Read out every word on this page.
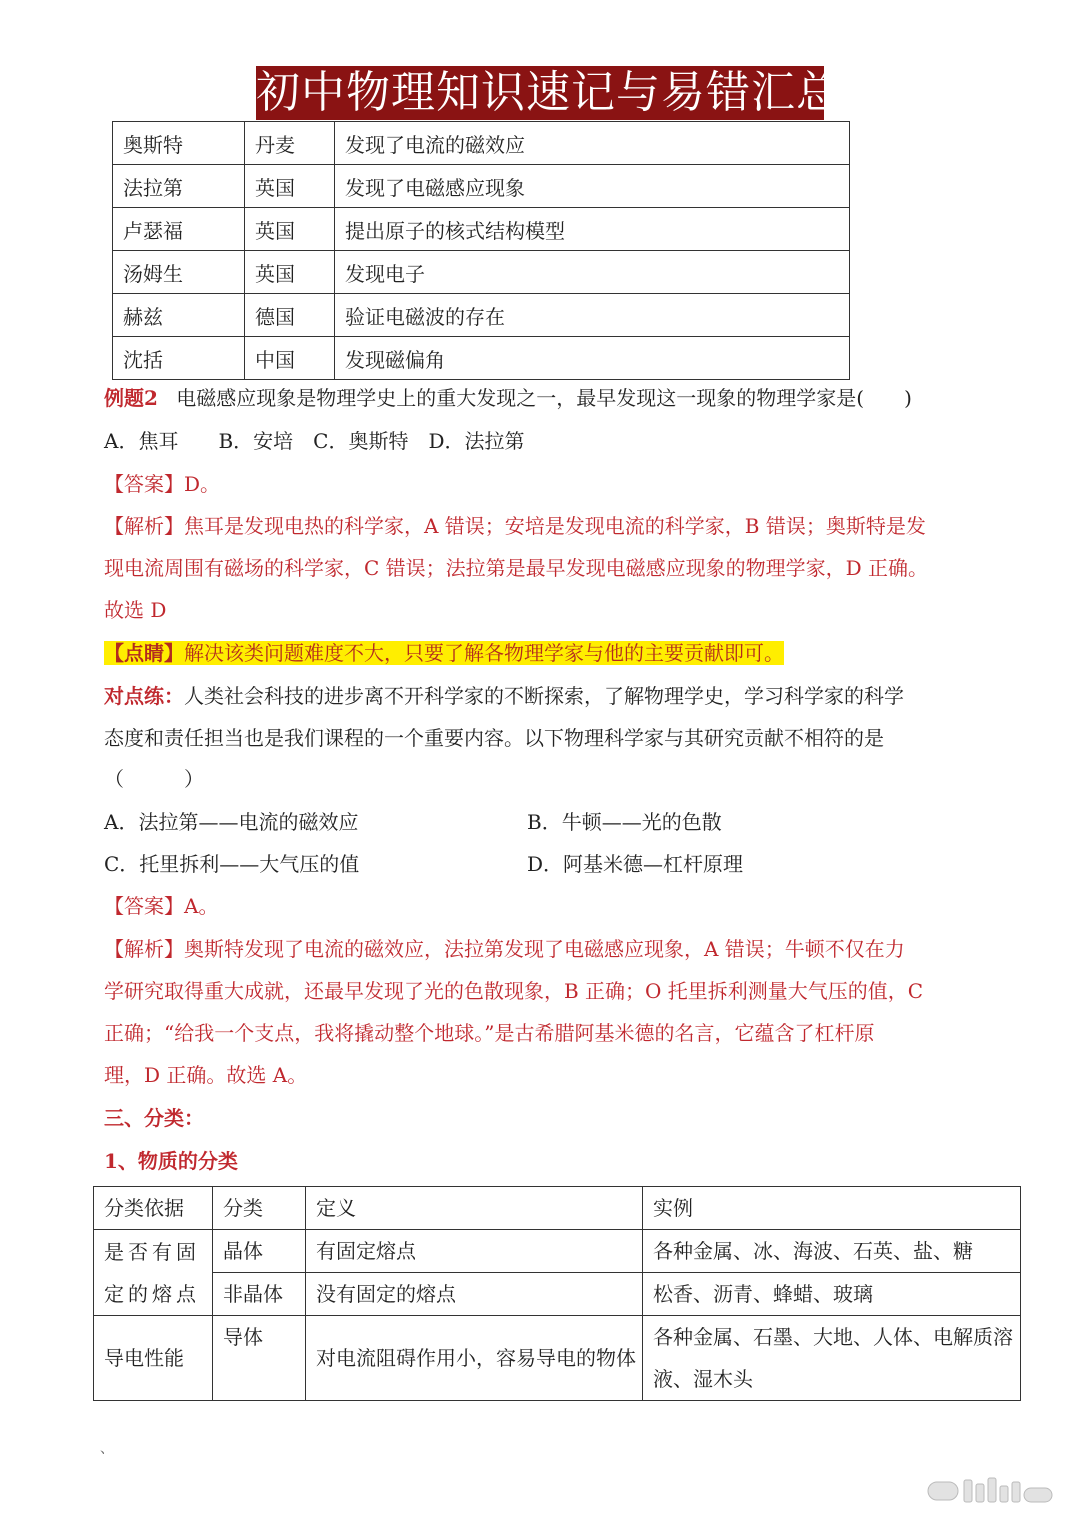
初中物理知识速记与易错汇总
奥斯特	丹麦	发现了电流的磁效应
法拉第	英国	发现了电磁感应现象
卢瑟福	英国	提出原子的核式结构模型
汤姆生	英国	发现电子
赫兹	德国	验证电磁波的存在
沈括	中国	发现磁偏角
例题2 电磁感应现象是物理学史上的重大发现之一，最早发现这一现象的物理学家是(　　)
A．焦耳　　B．安培　C．奥斯特　D．法拉第
【答案】D。
【解析】焦耳是发现电热的科学家，A 错误；安培是发现电流的科学家，B 错误；奥斯特是发
现电流周围有磁场的科学家，C 错误；法拉第是最早发现电磁感应现象的物理学家，D 正确。
故选 D
【点睛】解决该类问题难度不大，只要了解各物理学家与他的主要贡献即可。
对点练：人类社会科技的进步离不开科学家的不断探索，了解物理学史，学习科学家的科学
态度和责任担当也是我们课程的一个重要内容。以下物理科学家与其研究贡献不相符的是
（　　　）
A．法拉第——电流的磁效应	B．牛顿——光的色散
C．托里拆利——大气压的值	D．阿基米德—杠杆原理
【答案】A。
【解析】奥斯特发现了电流的磁效应，法拉第发现了电磁感应现象，A 错误；牛顿不仅在力
学研究取得重大成就，还最早发现了光的色散现象，B 正确；O 托里拆利测量大气压的值，C
正确；“给我一个支点，我将撬动整个地球。”是古希腊阿基米德的名言，它蕴含了杠杆原
理，D 正确。故选 A。
三、分类：
1、物质的分类
分类依据	分类	定义	实例
是否有固定的熔点	晶体	有固定熔点	各种金属、冰、海波、石英、盐、糖
	非晶体	没有固定的熔点	松香、沥青、蜂蜡、玻璃
导电性能	导体	对电流阻碍作用小，容易导电的物体	各种金属、石墨、大地、人体、电解质溶液、湿木头
、
